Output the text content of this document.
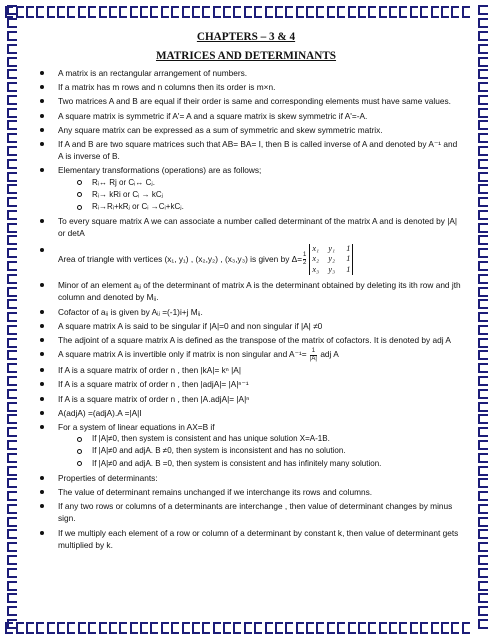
CHAPTERS – 3 & 4

MATRICES AND DETERMINANTS

A matrix is an rectangular arrangement of numbers.
If a matrix has m rows and n columns then its order is m×n.
Two matrices A and B are equal if their order is same and corresponding elements must have same values.
A square matrix is symmetric if A'= A and a square matrix is skew symmetric if A'=-A.
Any square matrix can be expressed as a sum of symmetric and skew symmetric matrix.
If A and B are two square matrices such that AB= BA= I, then B is called inverse of A and denoted by A⁻¹ and A is inverse of B.
Elementary transformations (operations) are as follows;
Rᵢ↔ Rj or Cᵢ↔ Cⱼ.
Rᵢ→ kRi or Cᵢ → kCⱼ
Rᵢ→Rᵢ+kRⱼ or Cᵢ →Cᵢ+kCⱼ.
To every square matrix A we can associate a number called determinant of the matrix A and is denoted by |A| or detA
Area of triangle with vertices (x₁, y₁) , (x₂,y₂) , (x₃,y₃) is given by $\Delta= \frac{1}{2}$
x₁	y₁	1
x₂	y₂	1
x₃	y₃	1
Minor of an element aᵢⱼ of the determinant of matrix A is the determinant obtained by deleting its ith row and jth column and denoted by Mᵢⱼ.
Cofactor of aᵢⱼ is given by Aᵢⱼ =(-1)i+j Mᵢⱼ.
A square matrix A is said to be singular if |A|=0 and non singular if |A| ≠0
The adjoint of a square matrix A is defined as the transpose of the matrix of cofactors. It is denoted by adj A
A square matrix A is invertible only if matrix is non singular and $A^{-1}= \frac{1}{|A|}$ adj A
If A is a square matrix of order n , then |kA|= kⁿ |A|
If A is a square matrix of order n , then |adjA|= |A|ⁿ⁻¹
If A is a square matrix of order n , then |A.adjA|= |A|ⁿ
A(adjA) =(adjA).A =|A|I
For a system of linear equations in AX=B if
If |A|≠0, then system is consistent and has unique solution X=A-1B.
If |A|≠0 and adjA. B ≠0, then system is inconsistent and has no solution.
If |A|≠0 and adjA. B =0, then system is consistent and has infinitely many solution.
Properties of determinants:
The value of determinant remains unchanged if we interchange its rows and columns.
If any two rows or columns of a determinants are interchange , then value of determinant changes by minus sign.
If we multiply each element of a row or column of a determinant by constant k, then value of determinant gets multiplied by k.
